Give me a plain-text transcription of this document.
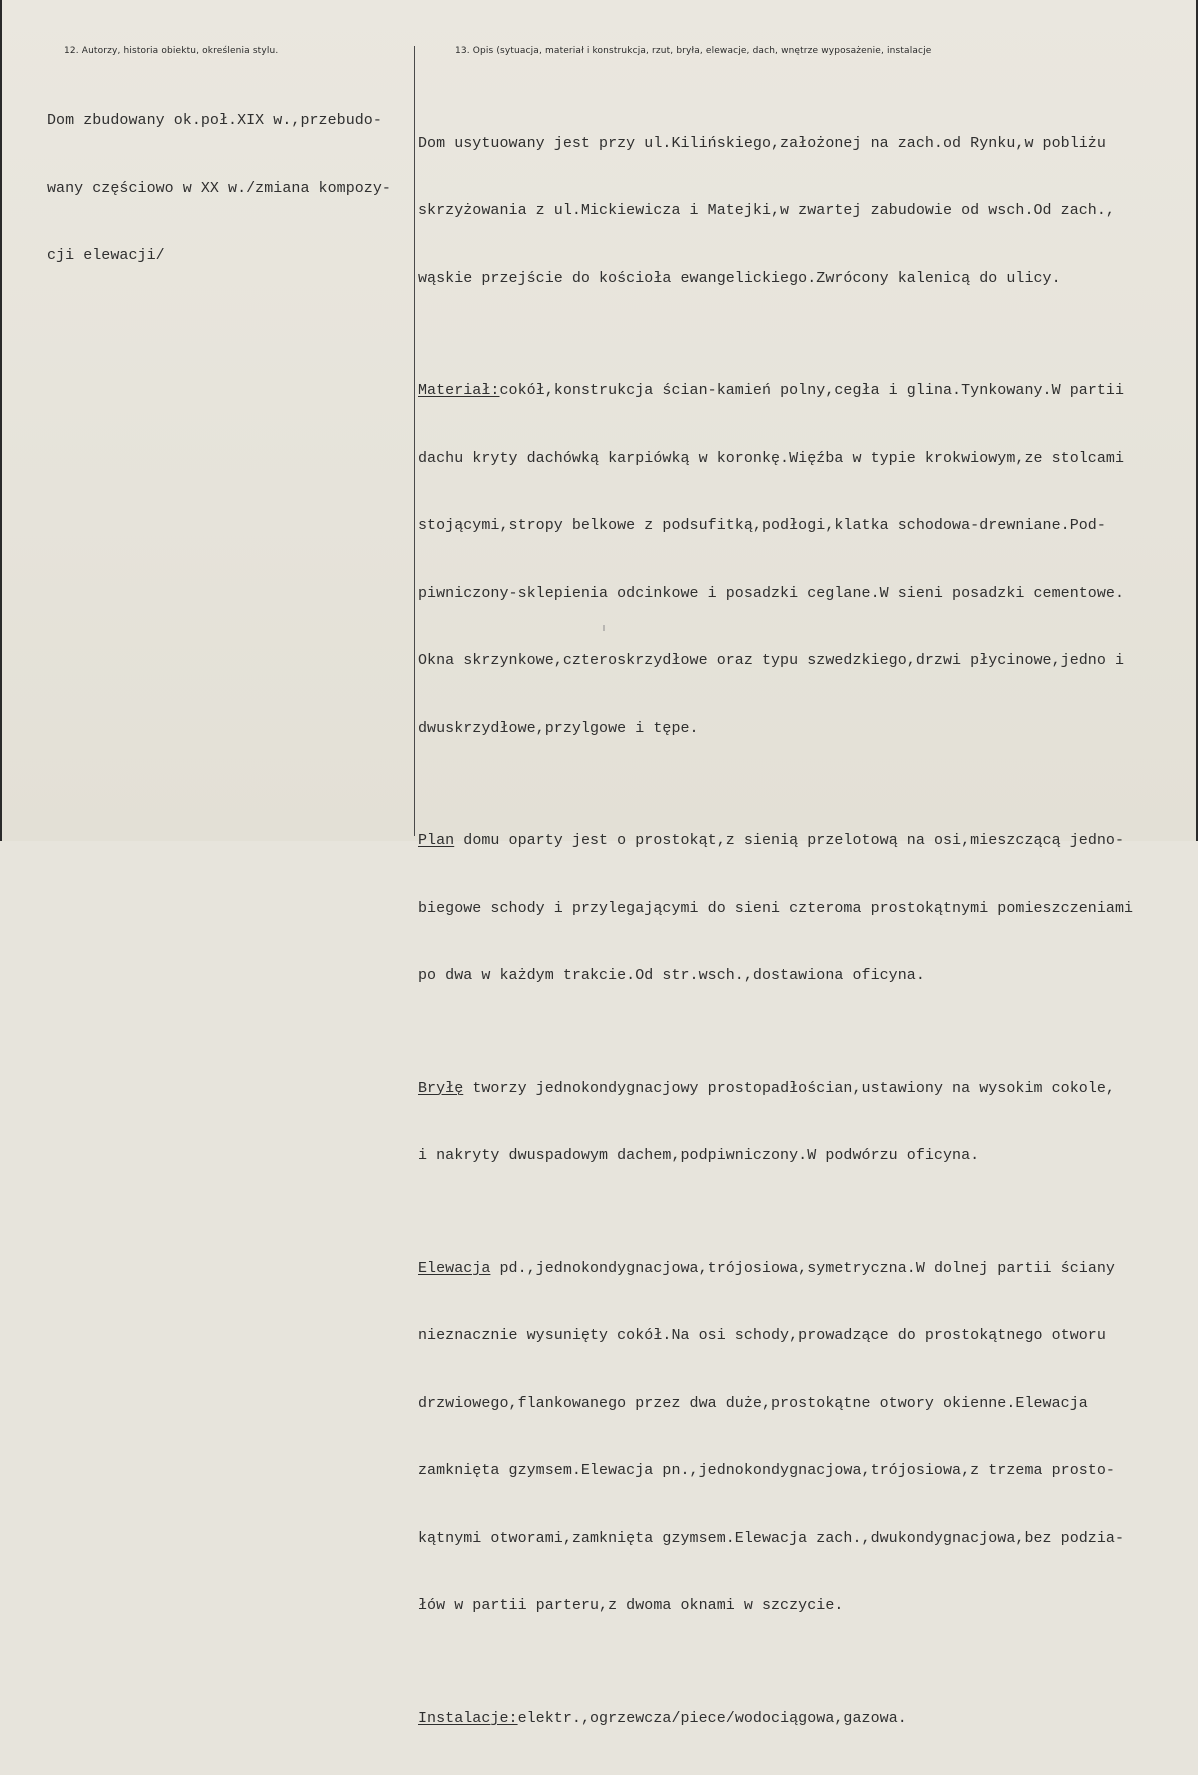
12. Autorzy, historia obiektu, określenia stylu.	13. Opis (sytuacja, materiał i konstrukcja, rzut, bryła, elewacje, dach, wnętrze wyposażenie, instalacje

Dom zbudowany ok.poł.XIX w.,przebudo-

wany częściowo w XX w./zmiana kompozy-

cji elewacji/

Dom usytuowany jest przy ul.Kilińskiego,założonej na zach.od Rynku,w pobliżu

skrzyżowania z ul.Mickiewicza i Matejki,w zwartej zabudowie od wsch.Od zach.,

wąskie przejście do kościoła ewangelickiego.Zwrócony kalenicą do ulicy.

Materiał:cokół,konstrukcja ścian-kamień polny,cegła i glina.Tynkowany.W partii

dachu kryty dachówką karpiówką w koronkę.Więźba w typie krokwiowym,ze stolcami

stojącymi,stropy belkowe z podsufitką,podłogi,klatka schodowa-drewniane.Pod-

piwniczony-sklepienia odcinkowe i posadzki ceglane.W sieni posadzki cementowe.

Okna skrzynkowe,czteroskrzydłowe oraz typu szwedzkiego,drzwi płycinowe,jedno i

dwuskrzydłowe,przylgowe i tępe.

Plan domu oparty jest o prostokąt,z sienią przelotową na osi,mieszczącą jedno-

biegowe schody i przylegającymi do sieni czteroma prostokątnymi pomieszczeniami

po dwa w każdym trakcie.Od str.wsch.,dostawiona oficyna.

Bryłę tworzy jednokondygnacjowy prostopadłościan,ustawiony na wysokim cokole,

i nakryty dwuspadowym dachem,podpiwniczony.W podwórzu oficyna.

Elewacja pd.,jednokondygnacjowa,trójosiowa,symetryczna.W dolnej partii ściany

nieznacznie wysunięty cokół.Na osi schody,prowadzące do prostokątnego otworu

drzwiowego,flankowanego przez dwa duże,prostokątne otwory okienne.Elewacja

zamknięta gzymsem.Elewacja pn.,jednokondygnacjowa,trójosiowa,z trzema prosto-

kątnymi otworami,zamknięta gzymsem.Elewacja zach.,dwukondygnacjowa,bez podzia-

łów w partii parteru,z dwoma oknami w szczycie.

Instalacje:elektr.,ogrzewcza/piece/wodociągowa,gazowa.
